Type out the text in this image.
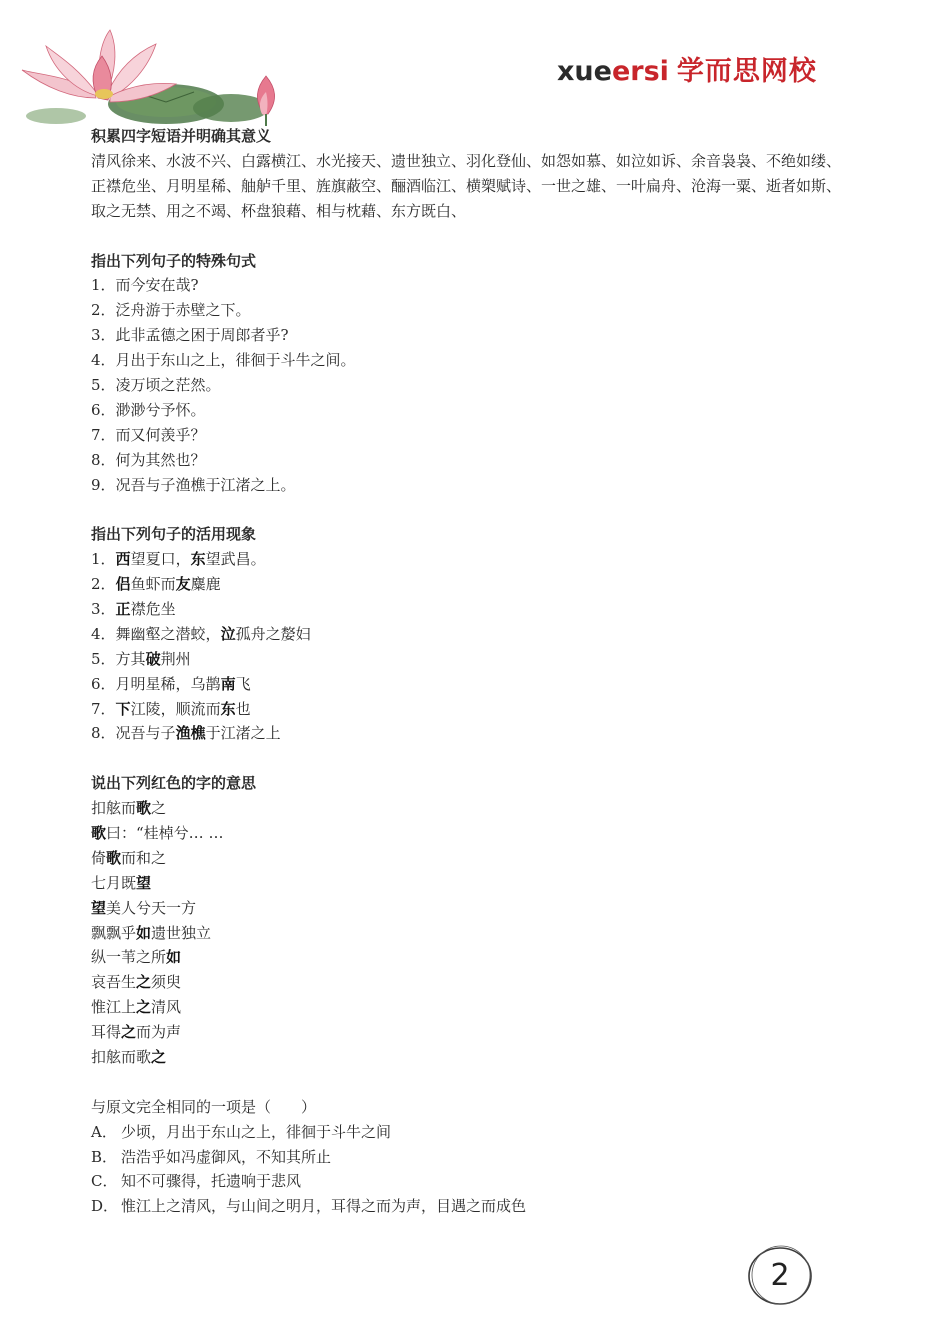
xueersi 学而思网校
积累四字短语并明确其意义
清风徐来、水波不兴、白露横江、水光接天、遗世独立、羽化登仙、如怨如慕、如泣如诉、余音袅袅、不绝如缕、
正襟危坐、月明星稀、舳舻千里、旌旗蔽空、酾酒临江、横槊赋诗、一世之雄、一叶扁舟、沧海一粟、逝者如斯、
取之无禁、用之不竭、杯盘狼藉、相与枕藉、东方既白、
指出下列句子的特殊句式
1．而今安在哉?
2．泛舟游于赤壁之下。
3．此非孟德之困于周郎者乎?
4．月出于东山之上，徘徊于斗牛之间。
5．凌万顷之茫然。
6．渺渺兮予怀。
7．而又何羡乎？
8．何为其然也？
9．况吾与子渔樵于江渚之上。
指出下列句子的活用现象
1．西望夏口，东望武昌。
2．侣鱼虾而友麋鹿
3．正襟危坐
4．舞幽壑之潜蛟，泣孤舟之嫠妇
5．方其破荆州
6．月明星稀，乌鹊南飞
7．下江陵，顺流而东也
8．况吾与子渔樵于江渚之上
说出下列红色的字的意思
扣舷而歌之
歌曰：“桂棹兮… …
倚歌而和之
七月既望
望美人兮天一方
飘飘乎如遗世独立
纵一苇之所如
哀吾生之须臾
惟江上之清风
耳得之而为声
扣舷而歌之
与原文完全相同的一项是（　　）
A． 少顷，月出于东山之上，徘徊于斗牛之间
B． 浩浩乎如冯虚御风，不知其所止
C． 知不可骤得，托遗响于悲风
D． 惟江上之清风，与山间之明月，耳得之而为声，目遇之而成色
2
